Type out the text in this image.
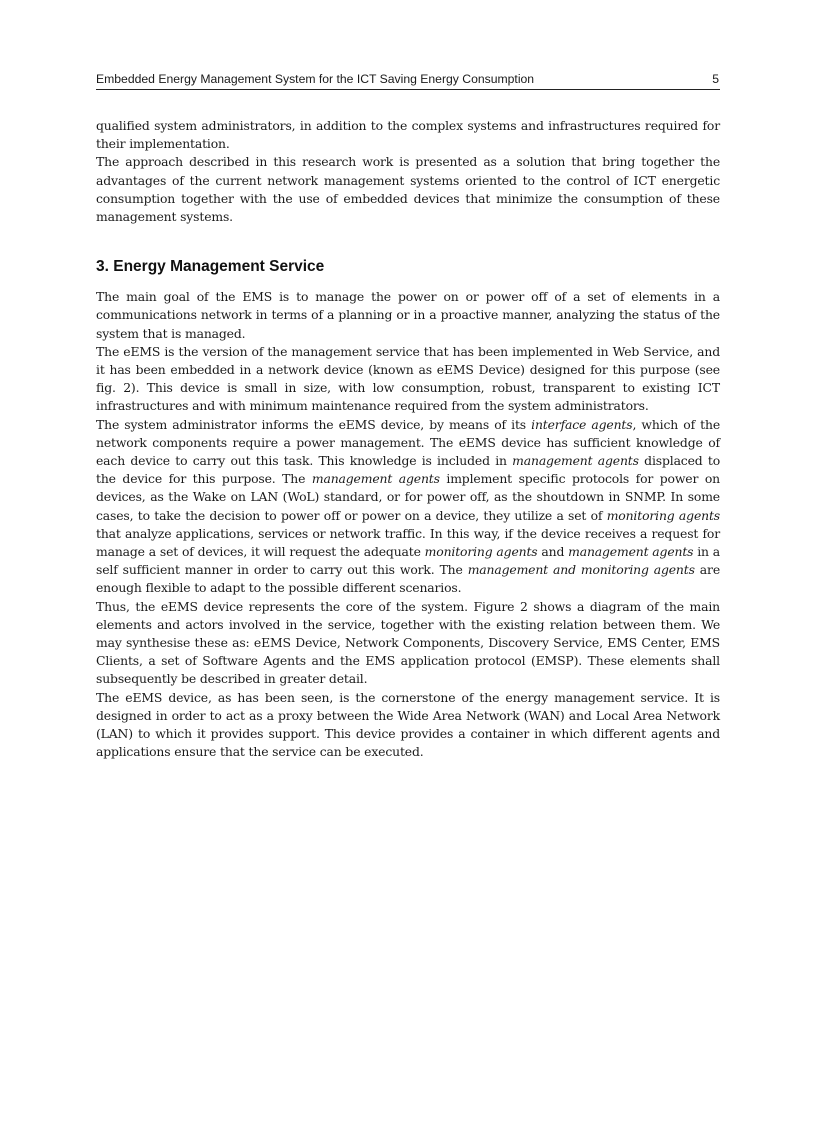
Embedded Energy Management System for the ICT Saving Energy Consumption	5

qualified system administrators, in addition to the complex systems and infrastructures required for their implementation.

The approach described in this research work is presented as a solution that bring together the advantages of the current network management systems oriented to the control of ICT energetic consumption together with the use of embedded devices that minimize the consumption of these management systems.

3. Energy Management Service

The main goal of the EMS is to manage the power on or power off of a set of elements in a communications network in terms of a planning or in a proactive manner, analyzing the status of the system that is managed.

The eEMS is the version of the management service that has been implemented in Web Service, and it has been embedded in a network device (known as eEMS Device) designed for this purpose (see fig. 2). This device is small in size, with low consumption, robust, transparent to existing ICT infrastructures and with minimum maintenance required from the system administrators.

The system administrator informs the eEMS device, by means of its interface agents, which of the network components require a power management. The eEMS device has sufficient knowledge of each device to carry out this task. This knowledge is included in management agents displaced to the device for this purpose. The management agents implement specific protocols for power on devices, as the Wake on LAN (WoL) standard, or for power off, as the shoutdown in SNMP. In some cases, to take the decision to power off or power on a device, they utilize a set of monitoring agents that analyze applications, services or network traffic. In this way, if the device receives a request for manage a set of devices, it will request the adequate monitoring agents and management agents in a self sufficient manner in order to carry out this work. The management and monitoring agents are enough flexible to adapt to the possible different scenarios.

Thus, the eEMS device represents the core of the system. Figure 2 shows a diagram of the main elements and actors involved in the service, together with the existing relation between them. We may synthesise these as: eEMS Device, Network Components, Discovery Service, EMS Center, EMS Clients, a set of Software Agents and the EMS application protocol (EMSP). These elements shall subsequently be described in greater detail.

The eEMS device, as has been seen, is the cornerstone of the energy management service. It is designed in order to act as a proxy between the Wide Area Network (WAN) and Local Area Network (LAN) to which it provides support. This device provides a container in which different agents and applications ensure that the service can be executed.
